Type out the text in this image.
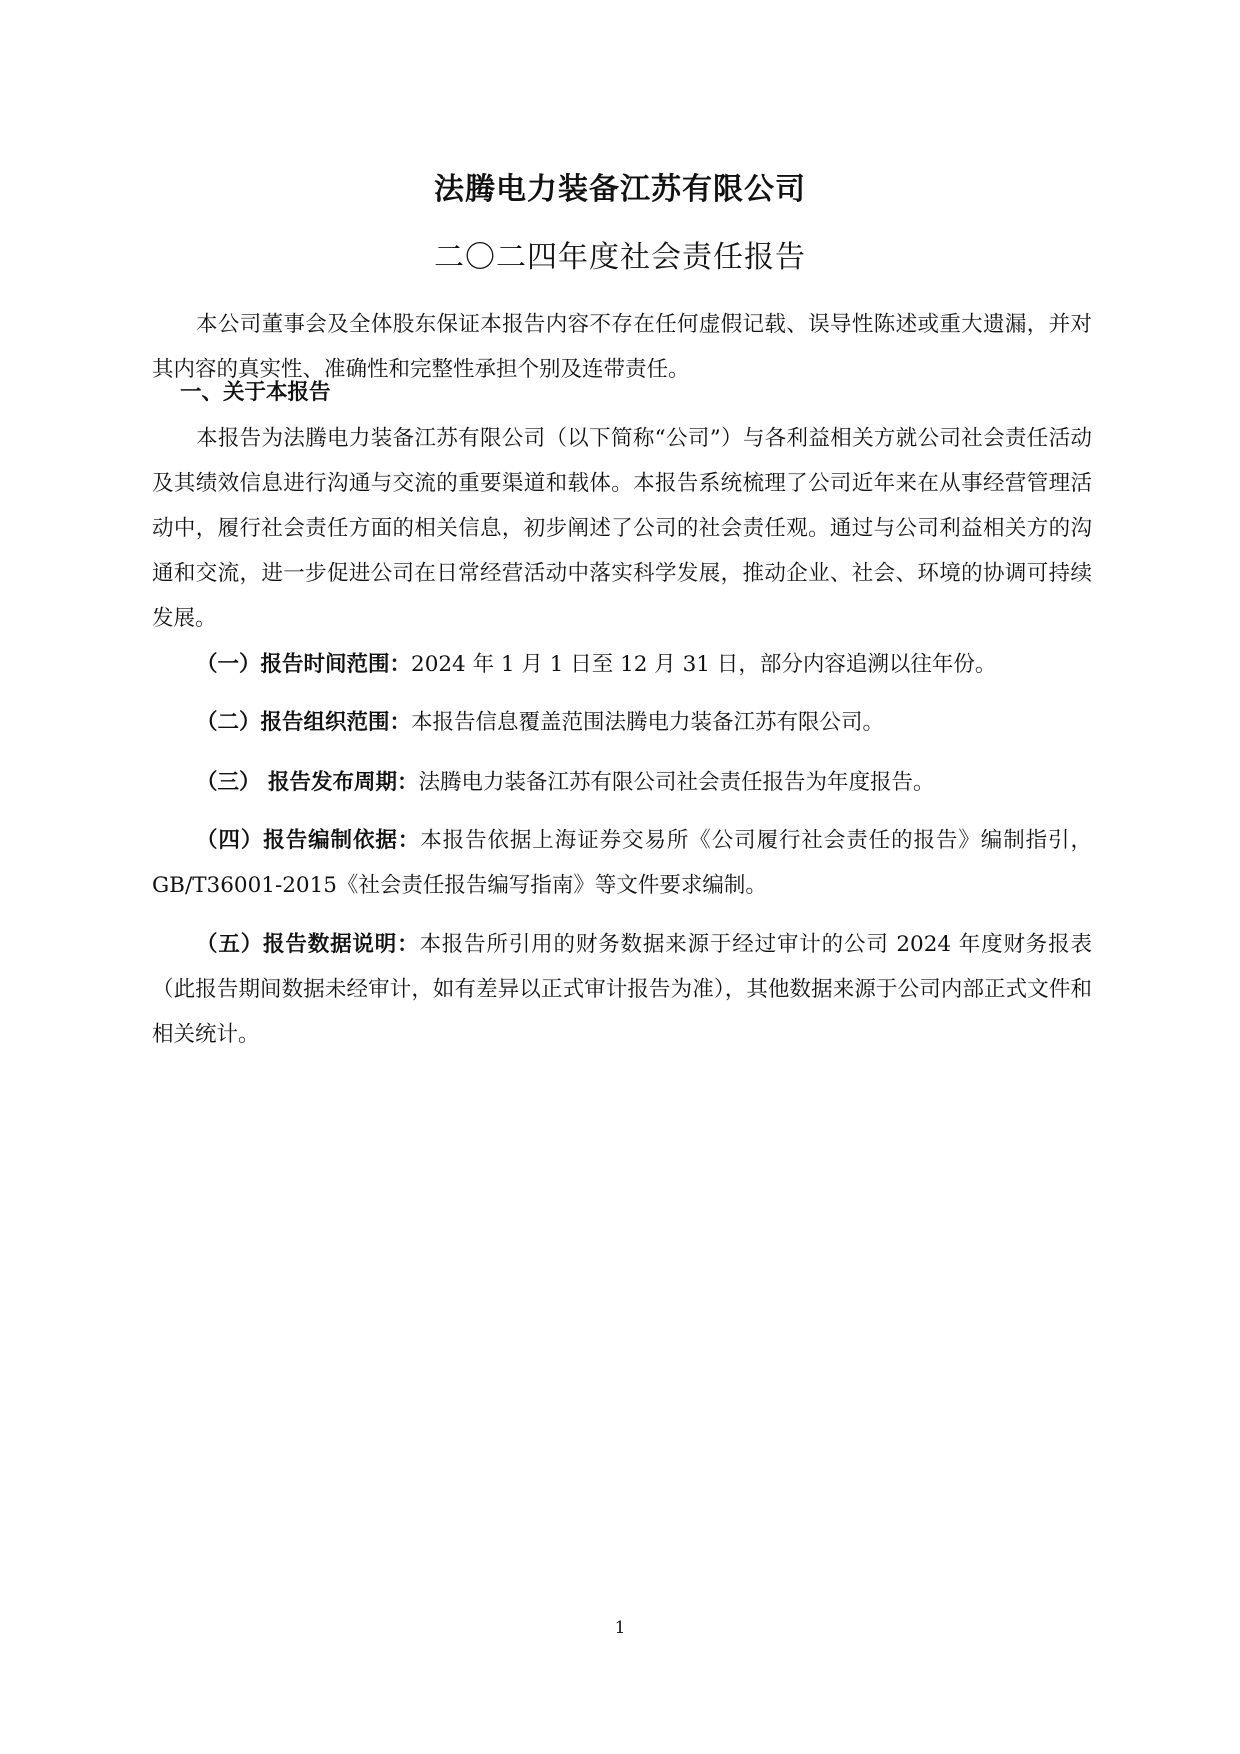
法腾电力装备江苏有限公司
二〇二四年度社会责任报告
本公司董事会及全体股东保证本报告内容不存在任何虚假记载、误导性陈述或重大遗漏，并对其内容的真实性、准确性和完整性承担个别及连带责任。
一、关于本报告
本报告为法腾电力装备江苏有限公司（以下简称“公司”）与各利益相关方就公司社会责任活动及其绩效信息进行沟通与交流的重要渠道和载体。本报告系统梳理了公司近年来在从事经营管理活动中，履行社会责任方面的相关信息，初步阐述了公司的社会责任观。通过与公司利益相关方的沟通和交流，进一步促进公司在日常经营活动中落实科学发展，推动企业、社会、环境的协调可持续发展。
（一）报告时间范围：2024 年 1 月 1 日至 12 月 31 日，部分内容追溯以往年份。
（二）报告组织范围：本报告信息覆盖范围法腾电力装备江苏有限公司。
（三） 报告发布周期：法腾电力装备江苏有限公司社会责任报告为年度报告。
（四）报告编制依据：本报告依据上海证券交易所《公司履行社会责任的报告》编制指引，GB/T36001-2015《社会责任报告编写指南》等文件要求编制。
（五）报告数据说明：本报告所引用的财务数据来源于经过审计的公司 2024 年度财务报表（此报告期间数据未经审计，如有差异以正式审计报告为准），其他数据来源于公司内部正式文件和相关统计。
1
